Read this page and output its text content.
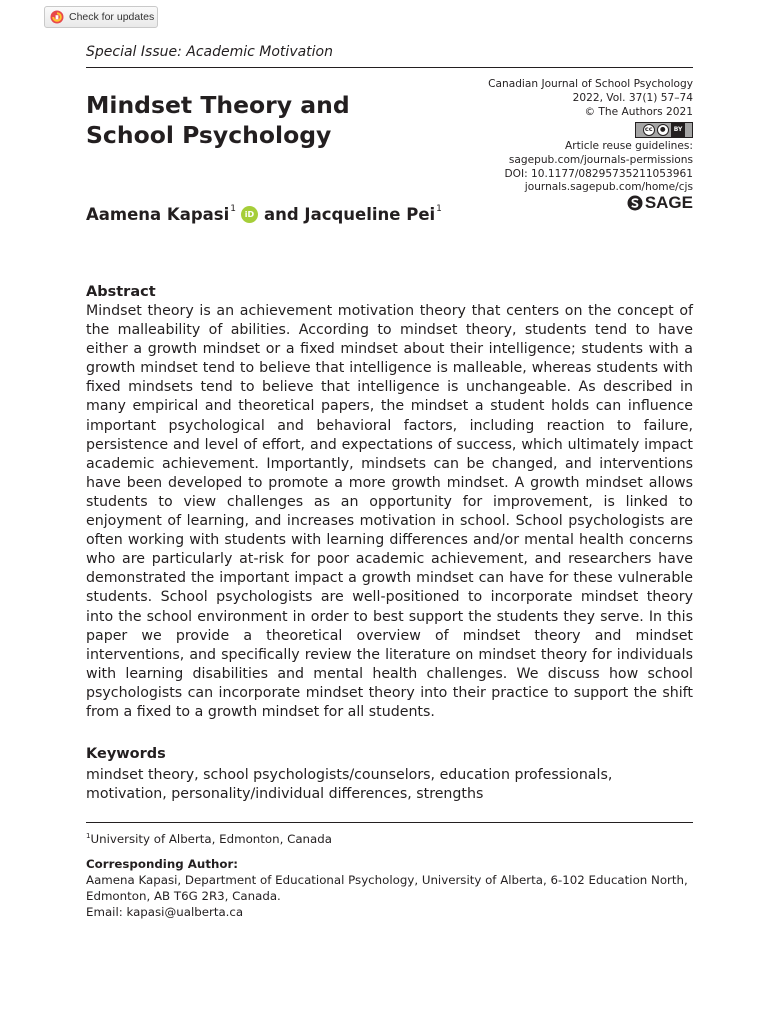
Check for updates
Special Issue: Academic Motivation
Mindset Theory and School Psychology
Canadian Journal of School Psychology
2022, Vol. 37(1) 57–74
© The Authors 2021
cc	●	BY
Article reuse guidelines:
sagepub.com/journals-permissions
DOI: 10.1177/08295735211053961
journals.sagepub.com/home/cjs
SAGE
Aamena Kapasi$^1$
iD and Jacqueline Pei$^1$
Abstract

Mindset theory is an achievement motivation theory that centers on the concept of the malleability of abilities. According to mindset theory, students tend to have either a growth mindset or a fixed mindset about their intelligence; students with a growth mindset tend to believe that intelligence is malleable, whereas students with fixed mindsets tend to believe that intelligence is unchangeable. As described in many empirical and theoretical papers, the mindset a student holds can influence important psychological and behavioral factors, including reaction to failure, persistence and level of effort, and expectations of success, which ultimately impact academic achievement. Importantly, mindsets can be changed, and interventions have been developed to promote a more growth mindset. A growth mindset allows students to view challenges as an opportunity for improvement, is linked to enjoyment of learning, and increases motivation in school. School psychologists are often working with students with learning differences and/or mental health concerns who are particularly at-risk for poor academic achievement, and researchers have demonstrated the important impact a growth mindset can have for these vulnerable students. School psychologists are well-positioned to incorporate mindset theory into the school environment in order to best support the students they serve. In this paper we provide a theoretical overview of mindset theory and mindset interventions, and specifically review the literature on mindset theory for individuals with learning disabilities and mental health challenges. We discuss how school psychologists can incorporate mindset theory into their practice to support the shift from a fixed to a growth mindset for all students.

Keywords

mindset theory, school psychologists/counselors, education professionals, motivation, personality/individual differences, strengths

$^1$University of Alberta, Edmonton, Canada
Corresponding Author:
Aamena Kapasi, Department of Educational Psychology, University of Alberta, 6-102 Education North,
Edmonton, AB T6G 2R3, Canada.
Email: kapasi@ualberta.ca
